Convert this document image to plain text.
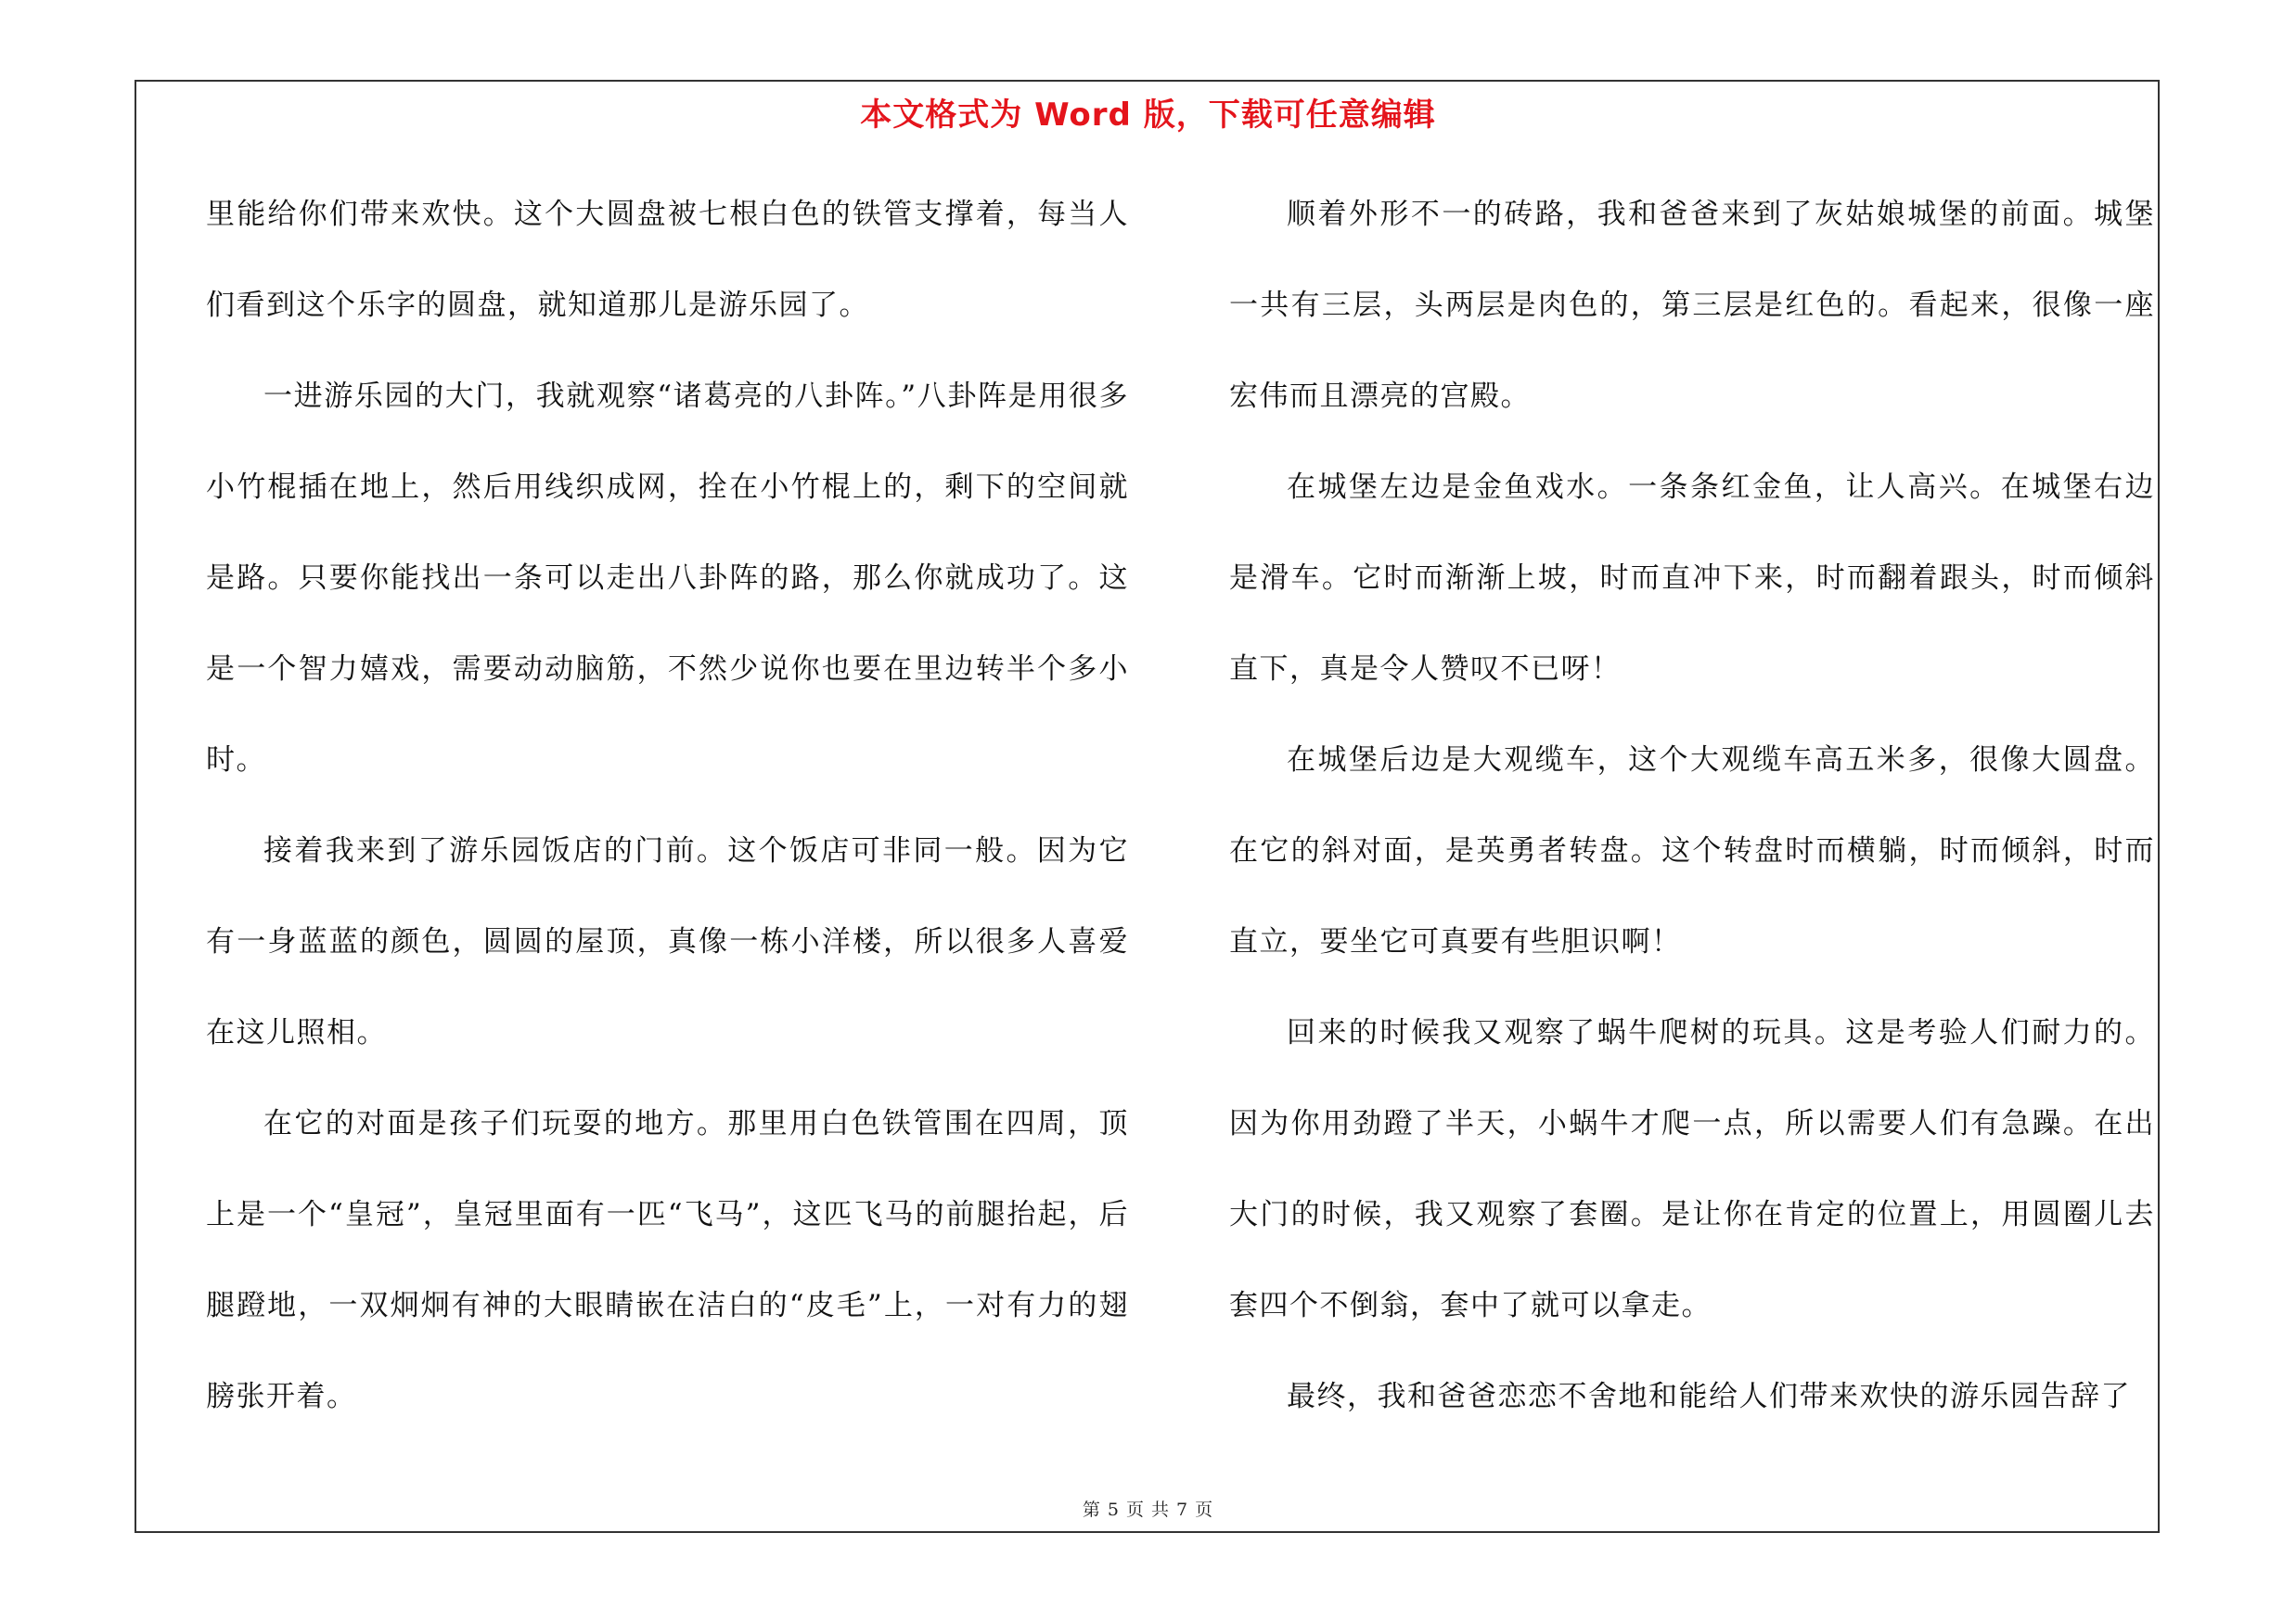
本文格式为 Word 版，下载可任意编辑

里能给你们带来欢快。这个大圆盘被七根白色的铁管支撑着，每当人们看到这个乐字的圆盘，就知道那儿是游乐园了。

一进游乐园的大门，我就观察“诸葛亮的八卦阵。”八卦阵是用很多小竹棍插在地上，然后用线织成网，拴在小竹棍上的，剩下的空间就是路。只要你能找出一条可以走出八卦阵的路，那么你就成功了。这是一个智力嬉戏，需要动动脑筋，不然少说你也要在里边转半个多小时。

接着我来到了游乐园饭店的门前。这个饭店可非同一般。因为它有一身蓝蓝的颜色，圆圆的屋顶，真像一栋小洋楼，所以很多人喜爱在这儿照相。

在它的对面是孩子们玩耍的地方。那里用白色铁管围在四周，顶上是一个“皇冠”，皇冠里面有一匹“飞马”，这匹飞马的前腿抬起，后腿蹬地，一双炯炯有神的大眼睛嵌在洁白的“皮毛”上，一对有力的翅膀张开着。

顺着外形不一的砖路，我和爸爸来到了灰姑娘城堡的前面。城堡一共有三层，头两层是肉色的，第三层是红色的。看起来，很像一座宏伟而且漂亮的宫殿。

在城堡左边是金鱼戏水。一条条红金鱼，让人高兴。在城堡右边是滑车。它时而渐渐上坡，时而直冲下来，时而翻着跟头，时而倾斜直下，真是令人赞叹不已呀！

在城堡后边是大观缆车，这个大观缆车高五米多，很像大圆盘。在它的斜对面，是英勇者转盘。这个转盘时而横躺，时而倾斜，时而直立，要坐它可真要有些胆识啊！

回来的时候我又观察了蜗牛爬树的玩具。这是考验人们耐力的。因为你用劲蹬了半天，小蜗牛才爬一点，所以需要人们有急躁。在出大门的时候，我又观察了套圈。是让你在肯定的位置上，用圆圈儿去套四个不倒翁，套中了就可以拿走。

最终，我和爸爸恋恋不舍地和能给人们带来欢快的游乐园告辞了

第 5 页 共 7 页
